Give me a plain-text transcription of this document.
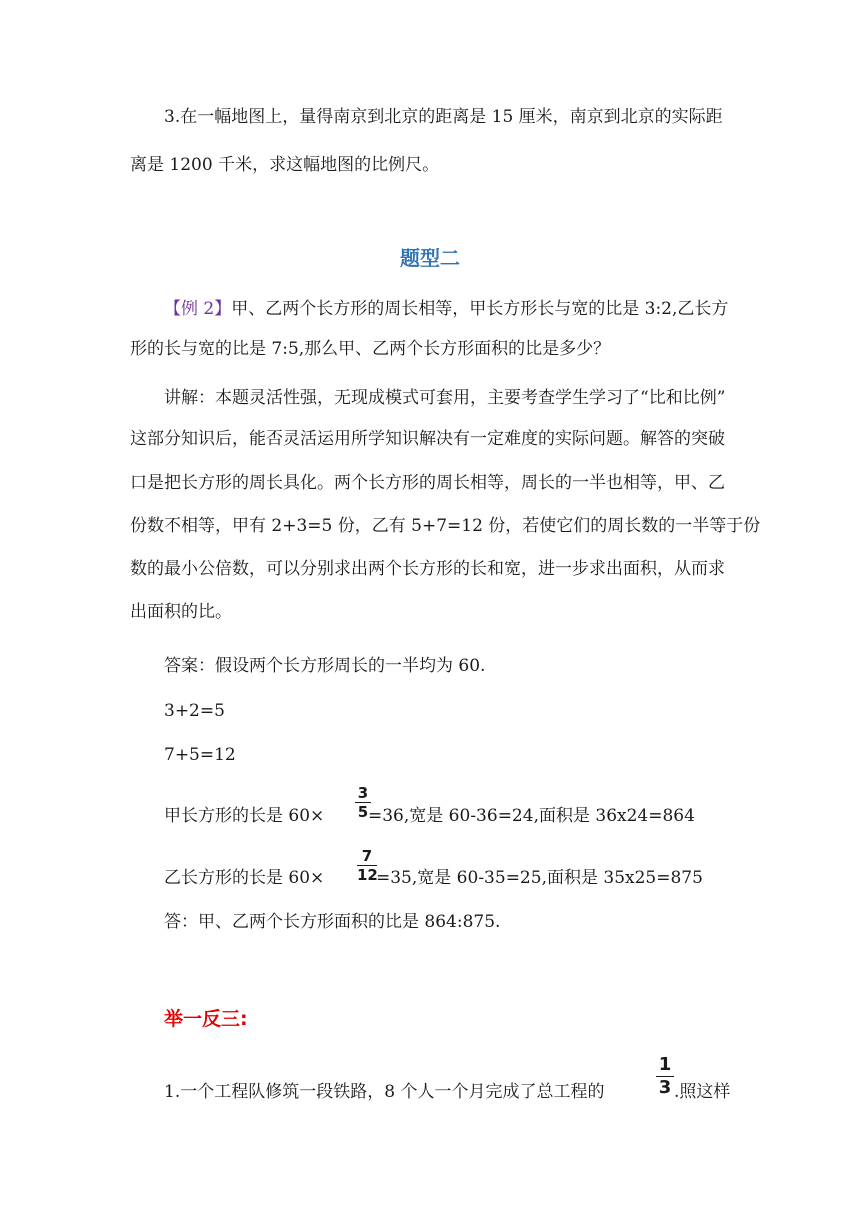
3.在一幅地图上，量得南京到北京的距离是 15 厘米，南京到北京的实际距
离是 1200 千米，求这幅地图的比例尺。
题型二
【例 2】甲、乙两个长方形的周长相等，甲长方形长与宽的比是 3:2,乙长方
形的长与宽的比是 7:5,那么甲、乙两个长方形面积的比是多少？
讲解：本题灵活性强，无现成模式可套用，主要考查学生学习了“比和比例”
这部分知识后，能否灵活运用所学知识解决有一定难度的实际问题。解答的突破
口是把长方形的周长具化。两个长方形的周长相等，周长的一半也相等，甲、乙
份数不相等，甲有 2+3=5 份，乙有 5+7=12 份，若使它们的周长数的一半等于份
数的最小公倍数，可以分别求出两个长方形的长和宽，进一步求出面积，从而求
出面积的比。
答案：假设两个长方形周长的一半均为 60.
3+2=5
7+5=12
甲长方形的长是 60×
3
5 =36,宽是 60-36=24,面积是 36x24=864
乙长方形的长是 60×
7
12
=35,宽是 60-35=25,面积是 35x25=875
答：甲、乙两个长方形面积的比是 864:875.
举一反三:
1.一个工程队修筑一段铁路，8 个人一个月完成了总工程的
1
3 .照这样
